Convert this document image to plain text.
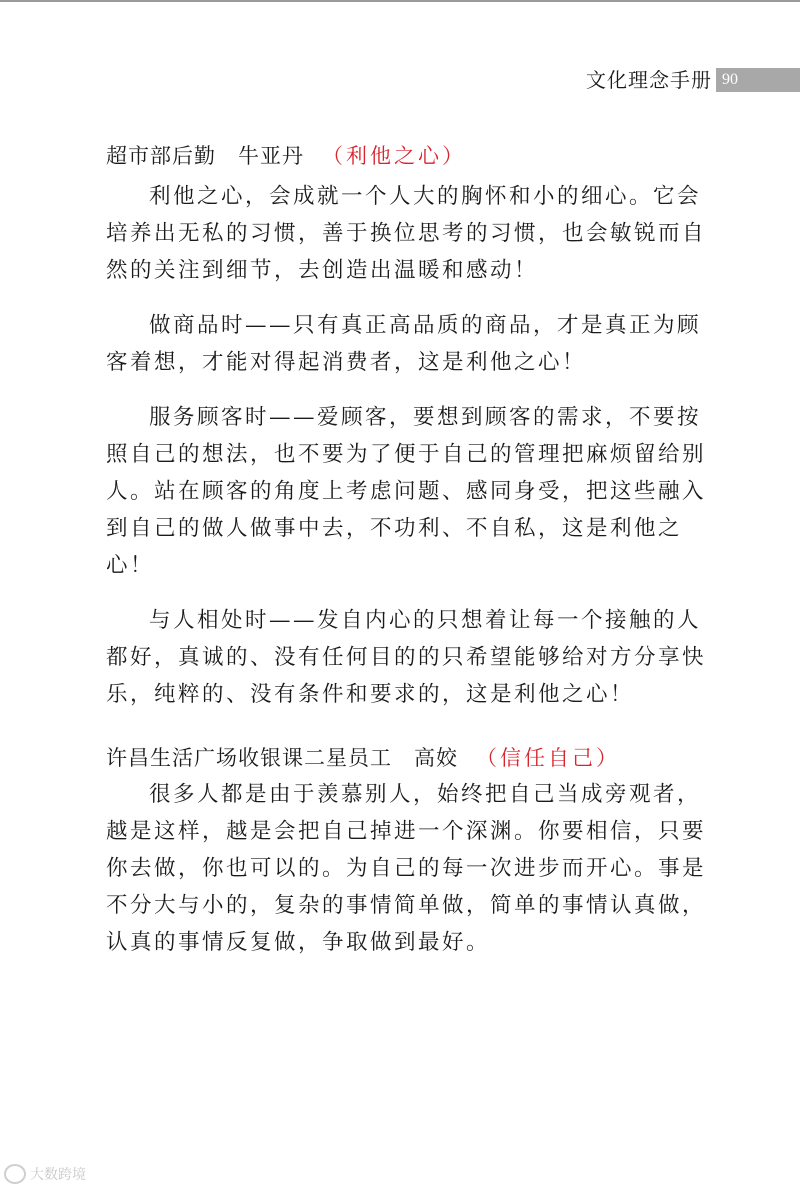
文化理念手册 90
超市部后勤　牛亚丹 （利他之心）

利他之心，会成就一个人大的胸怀和小的细心。它会培养出无私的习惯，善于换位思考的习惯，也会敏锐而自然的关注到细节，去创造出温暖和感动！

做商品时——只有真正高品质的商品，才是真正为顾客着想，才能对得起消费者，这是利他之心！

服务顾客时——爱顾客，要想到顾客的需求，不要按照自己的想法，也不要为了便于自己的管理把麻烦留给别人。站在顾客的角度上考虑问题、感同身受，把这些融入到自己的做人做事中去，不功利、不自私，这是利他之心！

与人相处时——发自内心的只想着让每一个接触的人都好，真诚的、没有任何目的的只希望能够给对方分享快乐，纯粹的、没有条件和要求的，这是利他之心！

许昌生活广场收银课二星员工　高姣 （信任自己）

很多人都是由于羡慕别人，始终把自己当成旁观者，越是这样，越是会把自己掉进一个深渊。你要相信，只要你去做，你也可以的。为自己的每一次进步而开心。事是不分大与小的，复杂的事情简单做，简单的事情认真做，认真的事情反复做，争取做到最好。

大数跨境
